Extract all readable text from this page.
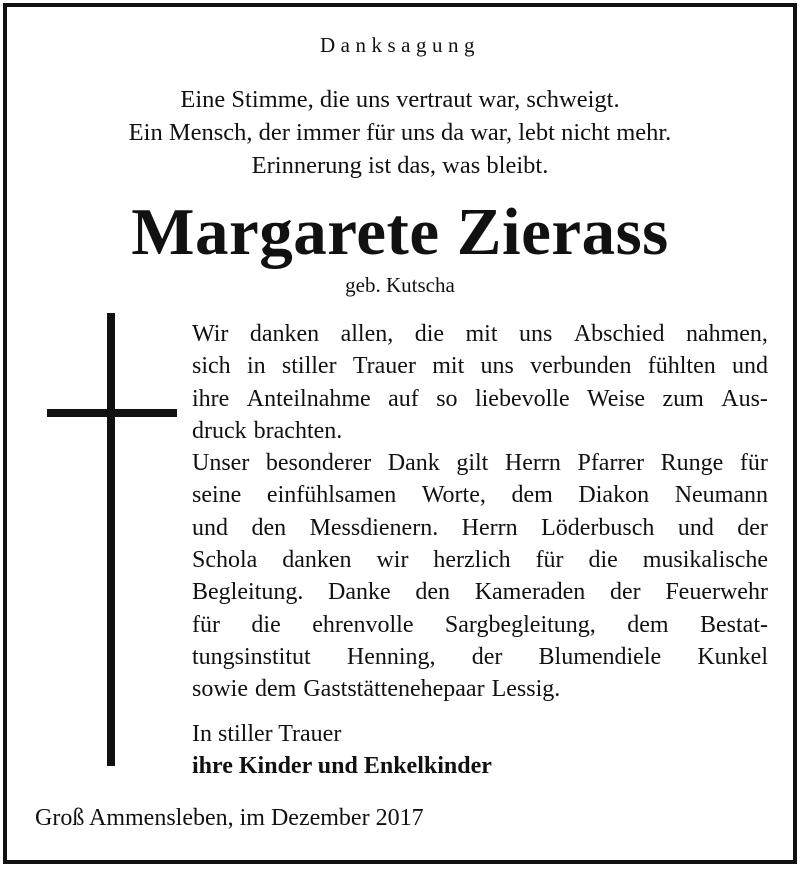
Danksagung
Eine Stimme, die uns vertraut war, schweigt.
Ein Mensch, der immer für uns da war, lebt nicht mehr.
Erinnerung ist das, was bleibt.
Margarete Zierass
geb. Kutscha
Wir danken allen, die mit uns Abschied nahmen,
sich in stiller Trauer mit uns verbunden fühlten und
ihre Anteilnahme auf so liebevolle Weise zum Aus-
druck brachten.
Unser besonderer Dank gilt Herrn Pfarrer Runge für
seine einfühlsamen Worte, dem Diakon Neumann
und den Messdienern. Herrn Löderbusch und der
Schola danken wir herzlich für die musikalische
Begleitung. Danke den Kameraden der Feuerwehr
für die ehrenvolle Sargbegleitung, dem Bestat-
tungsinstitut Henning, der Blumendiele Kunkel
sowie dem Gaststättenehepaar Lessig.
In stiller Trauer
ihre Kinder und Enkelkinder
Groß Ammensleben, im Dezember 2017
